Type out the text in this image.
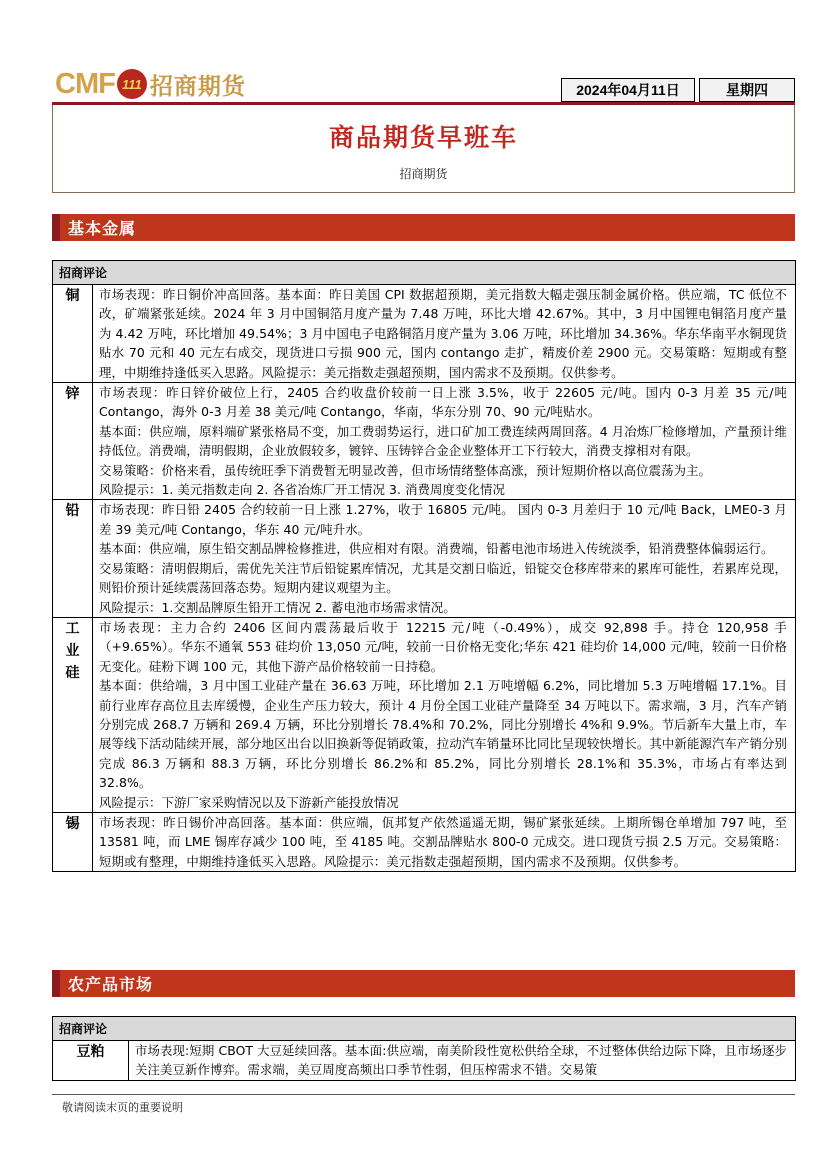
CMF 111 招商期货	2024年04月11日	星期四
商品期货早班车
招商期货
基本金属
招商评论	
铜	市场表现：昨日铜价冲高回落。基本面：昨日美国 CPI 数据超预期，美元指数大幅走强压制金属价格。供应端，TC 低位不改，矿端紧张延续。2024 年 3 月中国铜箔月度产量为 7.48 万吨，环比大增 42.67%。其中，3 月中国锂电铜箔月度产量为 4.42 万吨，环比增加 49.54%；3 月中国电子电路铜箔月度产量为 3.06 万吨，环比增加 34.36%。华东华南平水铜现货贴水 70 元和 40 元左右成交，现货进口亏损 900 元，国内 contango 走扩，精废价差 2900 元。交易策略：短期或有整理，中期维持逢低买入思路。风险提示：美元指数走强超预期，国内需求不及预期。仅供参考。

锌	市场表现：昨日锌价破位上行，2405 合约收盘价较前一日上涨 3.5%，收于 22605 元/吨。国内 0-3 月差 35 元/吨 Contango，海外 0-3 月差 38 美元/吨 Contango，华南，华东分别 70、90 元/吨贴水。

基本面：供应端，原料端矿紧张格局不变，加工费弱势运行，进口矿加工费连续两周回落。4 月冶炼厂检修增加，产量预计维持低位。消费端，清明假期，企业放假较多，镀锌、压铸锌合金企业整体开工下行较大，消费支撑相对有限。

交易策略：价格来看，虽传统旺季下消费暂无明显改善，但市场情绪整体高涨，预计短期价格以高位震荡为主。

风险提示：1. 美元指数走向 2. 各省冶炼厂开工情况 3. 消费周度变化情况

铅	市场表现：昨日铅 2405 合约较前一日上涨 1.27%，收于 16805 元/吨。 国内 0-3 月差归于 10 元/吨 Back，LME0-3 月差 39 美元/吨 Contango，华东 40 元/吨升水。

基本面：供应端，原生铅交割品牌检修推进，供应相对有限。消费端，铅蓄电池市场进入传统淡季，铅消费整体偏弱运行。

交易策略：清明假期后，需优先关注节后铅锭累库情况，尤其是交割日临近，铅锭交仓移库带来的累库可能性，若累库兑现，则铅价预计延续震荡回落态势。短期内建议观望为主。

风险提示：1.交割品牌原生铅开工情况 2. 蓄电池市场需求情况。

工业硅	市场表现：主力合约 2406 区间内震荡最后收于 12215 元/吨（-0.49%），成交 92,898 手。持仓 120,958 手（+9.65%）。华东不通氧 553 硅均价 13,050 元/吨，较前一日价格无变化;华东 421 硅均价 14,000 元/吨，较前一日价格无变化。硅粉下调 100 元，其他下游产品价格较前一日持稳。

基本面：供给端，3 月中国工业硅产量在 36.63 万吨，环比增加 2.1 万吨增幅 6.2%，同比增加 5.3 万吨增幅 17.1%。目前行业库存高位且去库缓慢，企业生产压力较大，预计 4 月份全国工业硅产量降至 34 万吨以下。需求端，3 月，汽车产销分别完成 268.7 万辆和 269.4 万辆，环比分别增长 78.4%和 70.2%，同比分别增长 4%和 9.9%。节后新车大量上市，车展等线下活动陆续开展，部分地区出台以旧换新等促销政策，拉动汽车销量环比同比呈现较快增长。其中新能源汽车产销分别完成 86.3 万辆和 88.3 万辆，环比分别增长 86.2%和 85.2%，同比分别增长 28.1%和 35.3%，市场占有率达到 32.8%。

风险提示：下游厂家采购情况以及下游新产能投放情况

锡	市场表现：昨日锡价冲高回落。基本面：供应端，佤邦复产依然遥遥无期，锡矿紧张延续。上期所锡仓单增加 797 吨，至 13581 吨，而 LME 锡库存减少 100 吨，至 4185 吨。交割品牌贴水 800-0 元成交。进口现货亏损 2.5 万元。交易策略：短期或有整理，中期维持逢低买入思路。风险提示：美元指数走强超预期，国内需求不及预期。仅供参考。

农产品市场
招商评论
豆粕	市场表现:短期 CBOT 大豆延续回落。基本面:供应端，南美阶段性宽松供给全球，不过整体供给边际下降，且市场逐步关注美豆新作博弈。需求端，美豆周度高频出口季节性弱，但压榨需求不错。交易策

敬请阅读末页的重要说明
